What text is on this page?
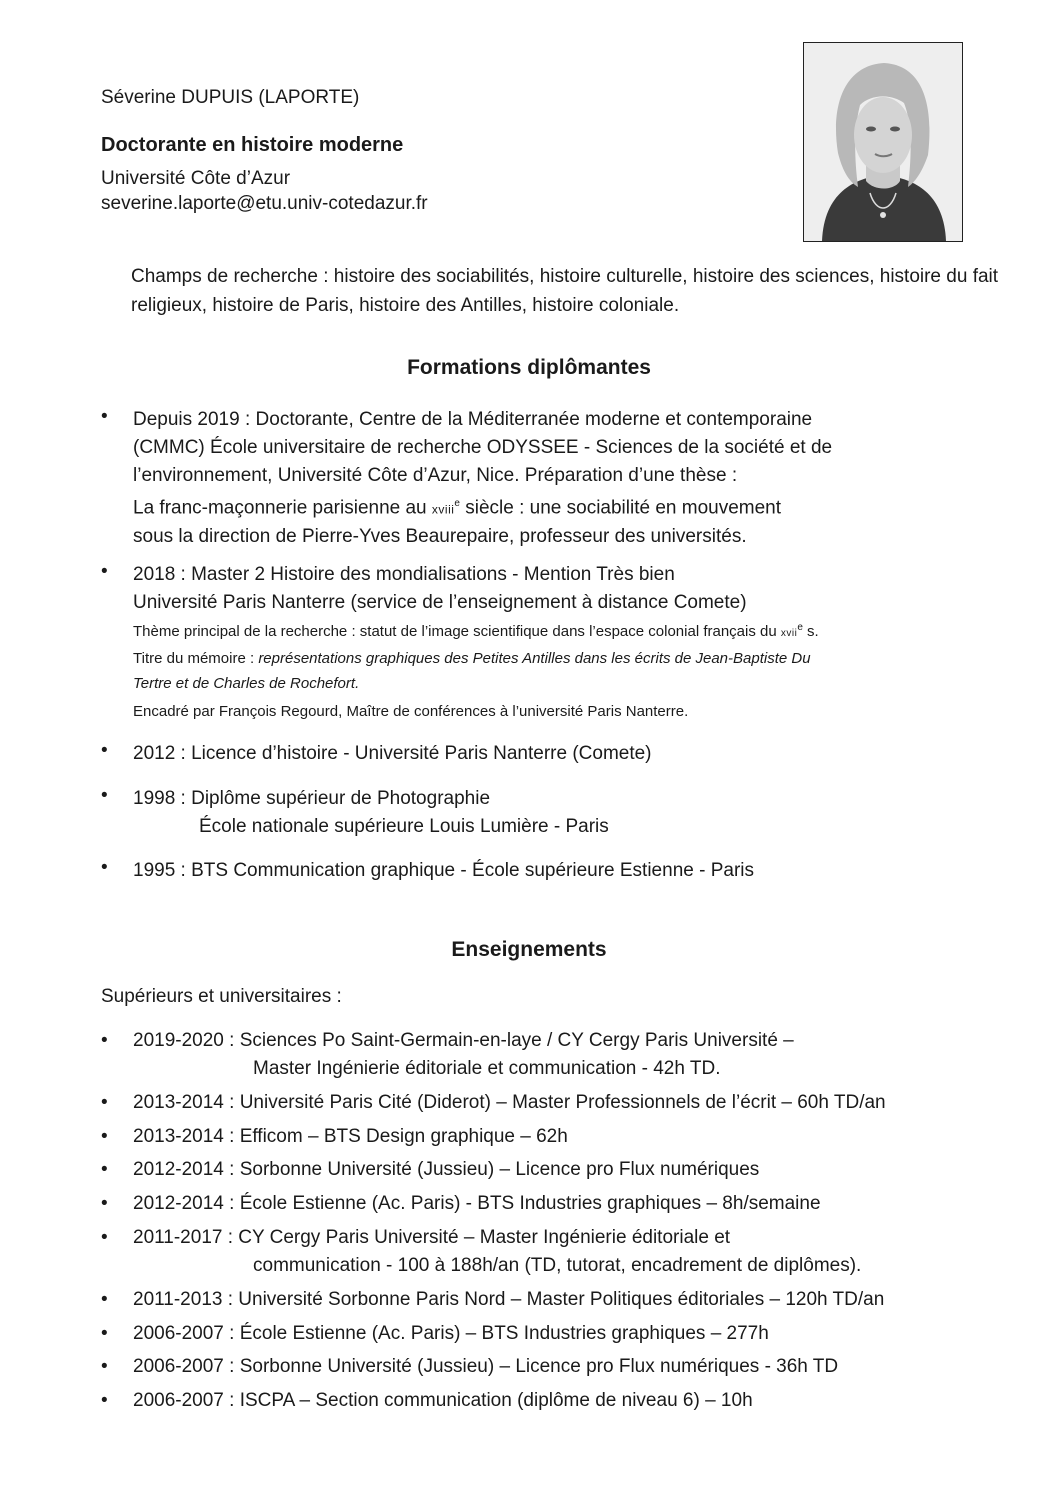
Séverine DUPUIS (LAPORTE)
Doctorante en histoire moderne
Université Côte d’Azur
severine.laporte@etu.univ-cotedazur.fr
Champs de recherche : histoire des sociabilités, histoire culturelle, histoire des sciences, histoire du fait religieux, histoire de Paris, histoire des Antilles, histoire coloniale.
Formations diplômantes
• Depuis 2019 : Doctorante, Centre de la Méditerranée moderne et contemporaine
(CMMC) École universitaire de recherche ODYSSEE - Sciences de la société et de
l’environnement, Université Côte d’Azur, Nice. Préparation d’une thèse :
La franc-maçonnerie parisienne au xviii$^e$ siècle : une sociabilité en mouvement
sous la direction de Pierre-Yves Beaurepaire, professeur des universités.
• 2018 : Master 2 Histoire des mondialisations - Mention Très bien
Université Paris Nanterre (service de l’enseignement à distance Comete)
Thème principal de la recherche : statut de l’image scientifique dans l’espace colonial français du xvii$^e$ s.
Titre du mémoire : représentations graphiques des Petites Antilles dans les écrits de Jean-Baptiste Du
Tertre et de Charles de Rochefort.
Encadré par François Regourd, Maître de conférences à l’université Paris Nanterre.
• 2012 : Licence d’histoire - Université Paris Nanterre (Comete)
• 1998 : Diplôme supérieur de Photographie
École nationale supérieure Louis Lumière - Paris
• 1995 : BTS Communication graphique - École supérieure Estienne - Paris
Enseignements
Supérieurs et universitaires :
• 2019-2020 : Sciences Po Saint-Germain-en-laye / CY Cergy Paris Université –
Master Ingénierie éditoriale et communication - 42h TD.
• 2013-2014 : Université Paris Cité (Diderot) – Master Professionnels de l’écrit – 60h TD/an
• 2013-2014 : Efficom – BTS Design graphique – 62h
• 2012-2014 : Sorbonne Université (Jussieu) – Licence pro Flux numériques
• 2012-2014 : École Estienne (Ac. Paris) - BTS Industries graphiques – 8h/semaine
• 2011-2017 : CY Cergy Paris Université – Master Ingénierie éditoriale et
communication - 100 à 188h/an (TD, tutorat, encadrement de diplômes).
• 2011-2013 : Université Sorbonne Paris Nord – Master Politiques éditoriales – 120h TD/an
• 2006-2007 : École Estienne (Ac. Paris) – BTS Industries graphiques – 277h
• 2006-2007 : Sorbonne Université (Jussieu) – Licence pro Flux numériques - 36h TD
• 2006-2007 : ISCPA – Section communication (diplôme de niveau 6) – 10h
